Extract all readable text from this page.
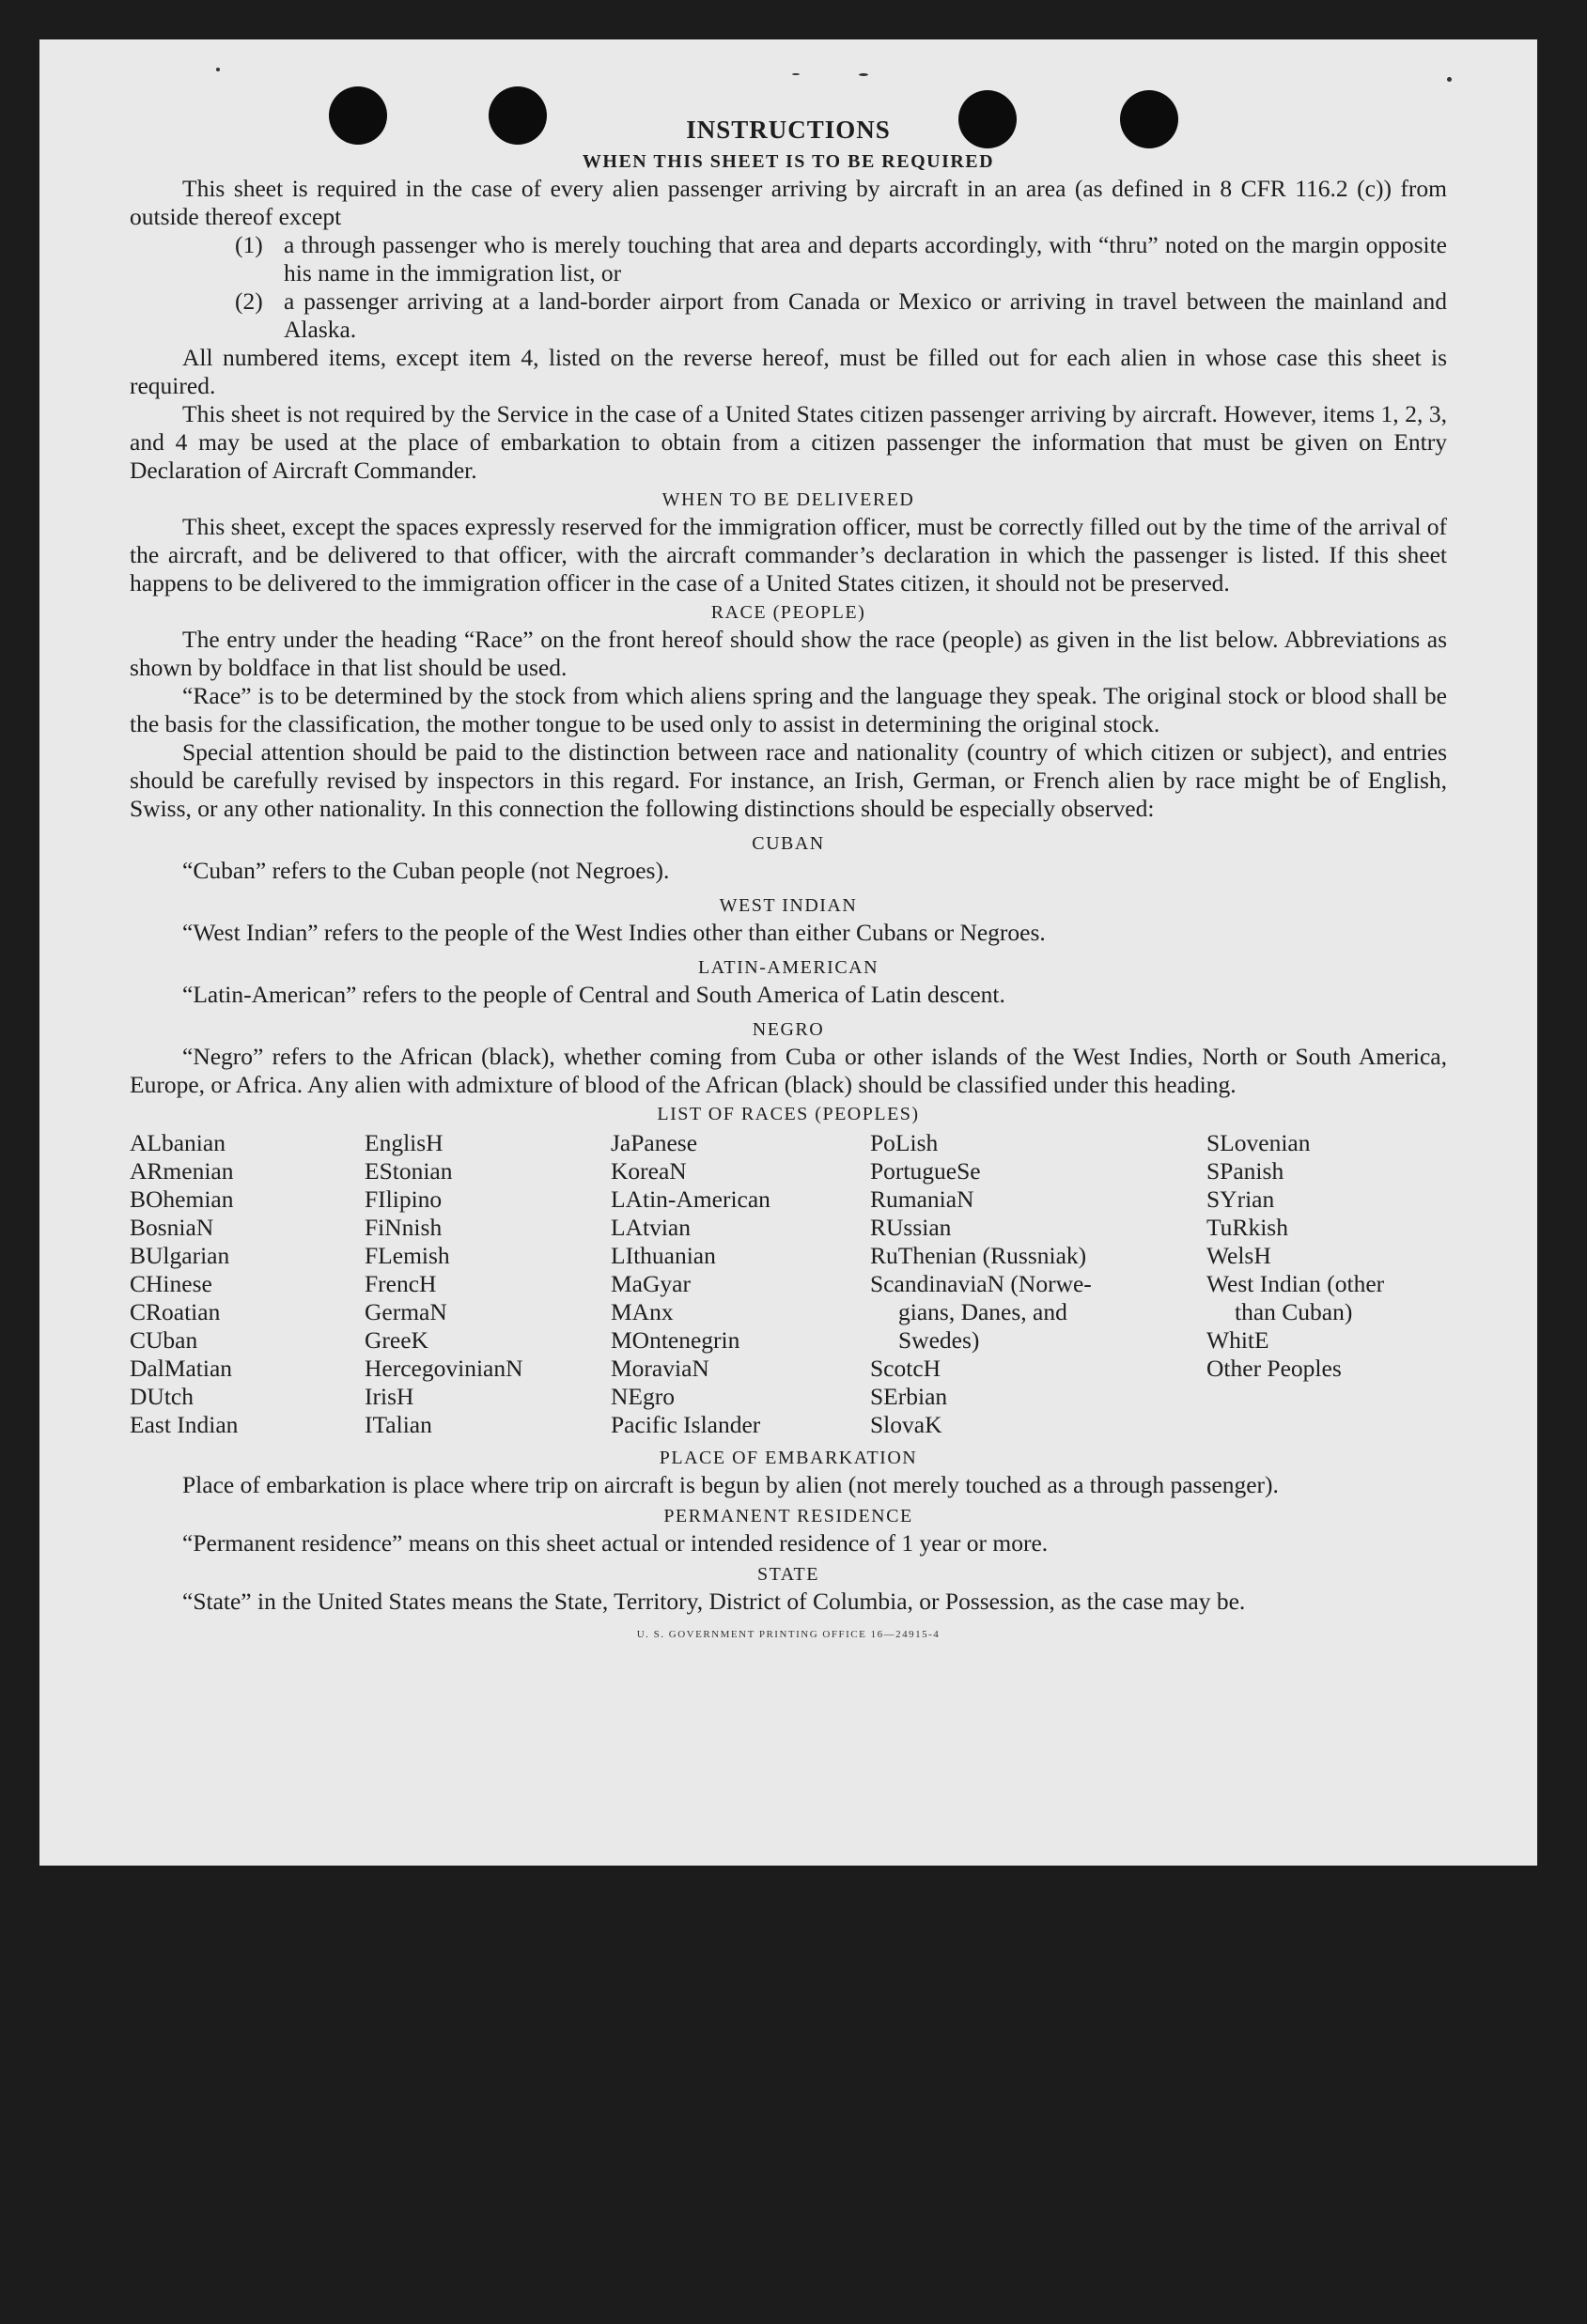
INSTRUCTIONS
WHEN THIS SHEET IS TO BE REQUIRED

This sheet is required in the case of every alien passenger arriving by aircraft in an area (as defined in 8 CFR 116.2 (c)) from outside thereof except

(1) a through passenger who is merely touching that area and departs accordingly, with “thru” noted on the margin opposite his name in the immigration list, or
(2) a passenger arriving at a land-border airport from Canada or Mexico or arriving in travel between the mainland and Alaska.

All numbered items, except item 4, listed on the reverse hereof, must be filled out for each alien in whose case this sheet is required.

This sheet is not required by the Service in the case of a United States citizen passenger arriving by aircraft. However, items 1, 2, 3, and 4 may be used at the place of embarkation to obtain from a citizen passenger the information that must be given on Entry Declaration of Aircraft Commander.

WHEN TO BE DELIVERED

This sheet, except the spaces expressly reserved for the immigration officer, must be correctly filled out by the time of the arrival of the aircraft, and be delivered to that officer, with the aircraft commander’s declaration in which the passenger is listed. If this sheet happens to be delivered to the immigration officer in the case of a United States citizen, it should not be preserved.

RACE (PEOPLE)

The entry under the heading “Race” on the front hereof should show the race (people) as given in the list below. Abbreviations as shown by boldface in that list should be used.

“Race” is to be determined by the stock from which aliens spring and the language they speak. The original stock or blood shall be the basis for the classification, the mother tongue to be used only to assist in determining the original stock.

Special attention should be paid to the distinction between race and nationality (country of which citizen or subject), and entries should be carefully revised by inspectors in this regard. For instance, an Irish, German, or French alien by race might be of English, Swiss, or any other nationality. In this connection the following distinctions should be especially observed:

CUBAN

“Cuban” refers to the Cuban people (not Negroes).

WEST INDIAN

“West Indian” refers to the people of the West Indies other than either Cubans or Negroes.

LATIN-AMERICAN

“Latin-American” refers to the people of Central and South America of Latin descent.

NEGRO

“Negro” refers to the African (black), whether coming from Cuba or other islands of the West Indies, North or South America, Europe, or Africa. Any alien with admixture of blood of the African (black) should be classified under this heading.

LIST OF RACES (PEOPLES)
ALbanian
ARmenian
BOhemian
BosniaN
BUlgarian
CHinese
CRoatian
CUban
DalMatian
DUtch
East Indian
EnglisH
EStonian
FIlipino
FiNnish
FLemish
FrencH
GermaN
GreeK
HercegovinianN
IrisH
ITalian
JaPanese
KoreaN
LAtin-American
LAtvian
LIthuanian
MaGyar
MAnx
MOntenegrin
MoraviaN
NEgro
Pacific Islander
PoLish
PortugueSe
RumaniaN
RUssian
RuThenian (Russniak)
ScandinaviaN (Norwe-
gians, Danes, and
Swedes)
ScotcH
SErbian
SlovaK
SLovenian
SPanish
SYrian
TuRkish
WelsH
West Indian (other
than Cuban)
WhitE
Other Peoples
PLACE OF EMBARKATION

Place of embarkation is place where trip on aircraft is begun by alien (not merely touched as a through passenger).

PERMANENT RESIDENCE

“Permanent residence” means on this sheet actual or intended residence of 1 year or more.

STATE

“State” in the United States means the State, Territory, District of Columbia, or Possession, as the case may be.

U. S. GOVERNMENT PRINTING OFFICE 16—24915-4
